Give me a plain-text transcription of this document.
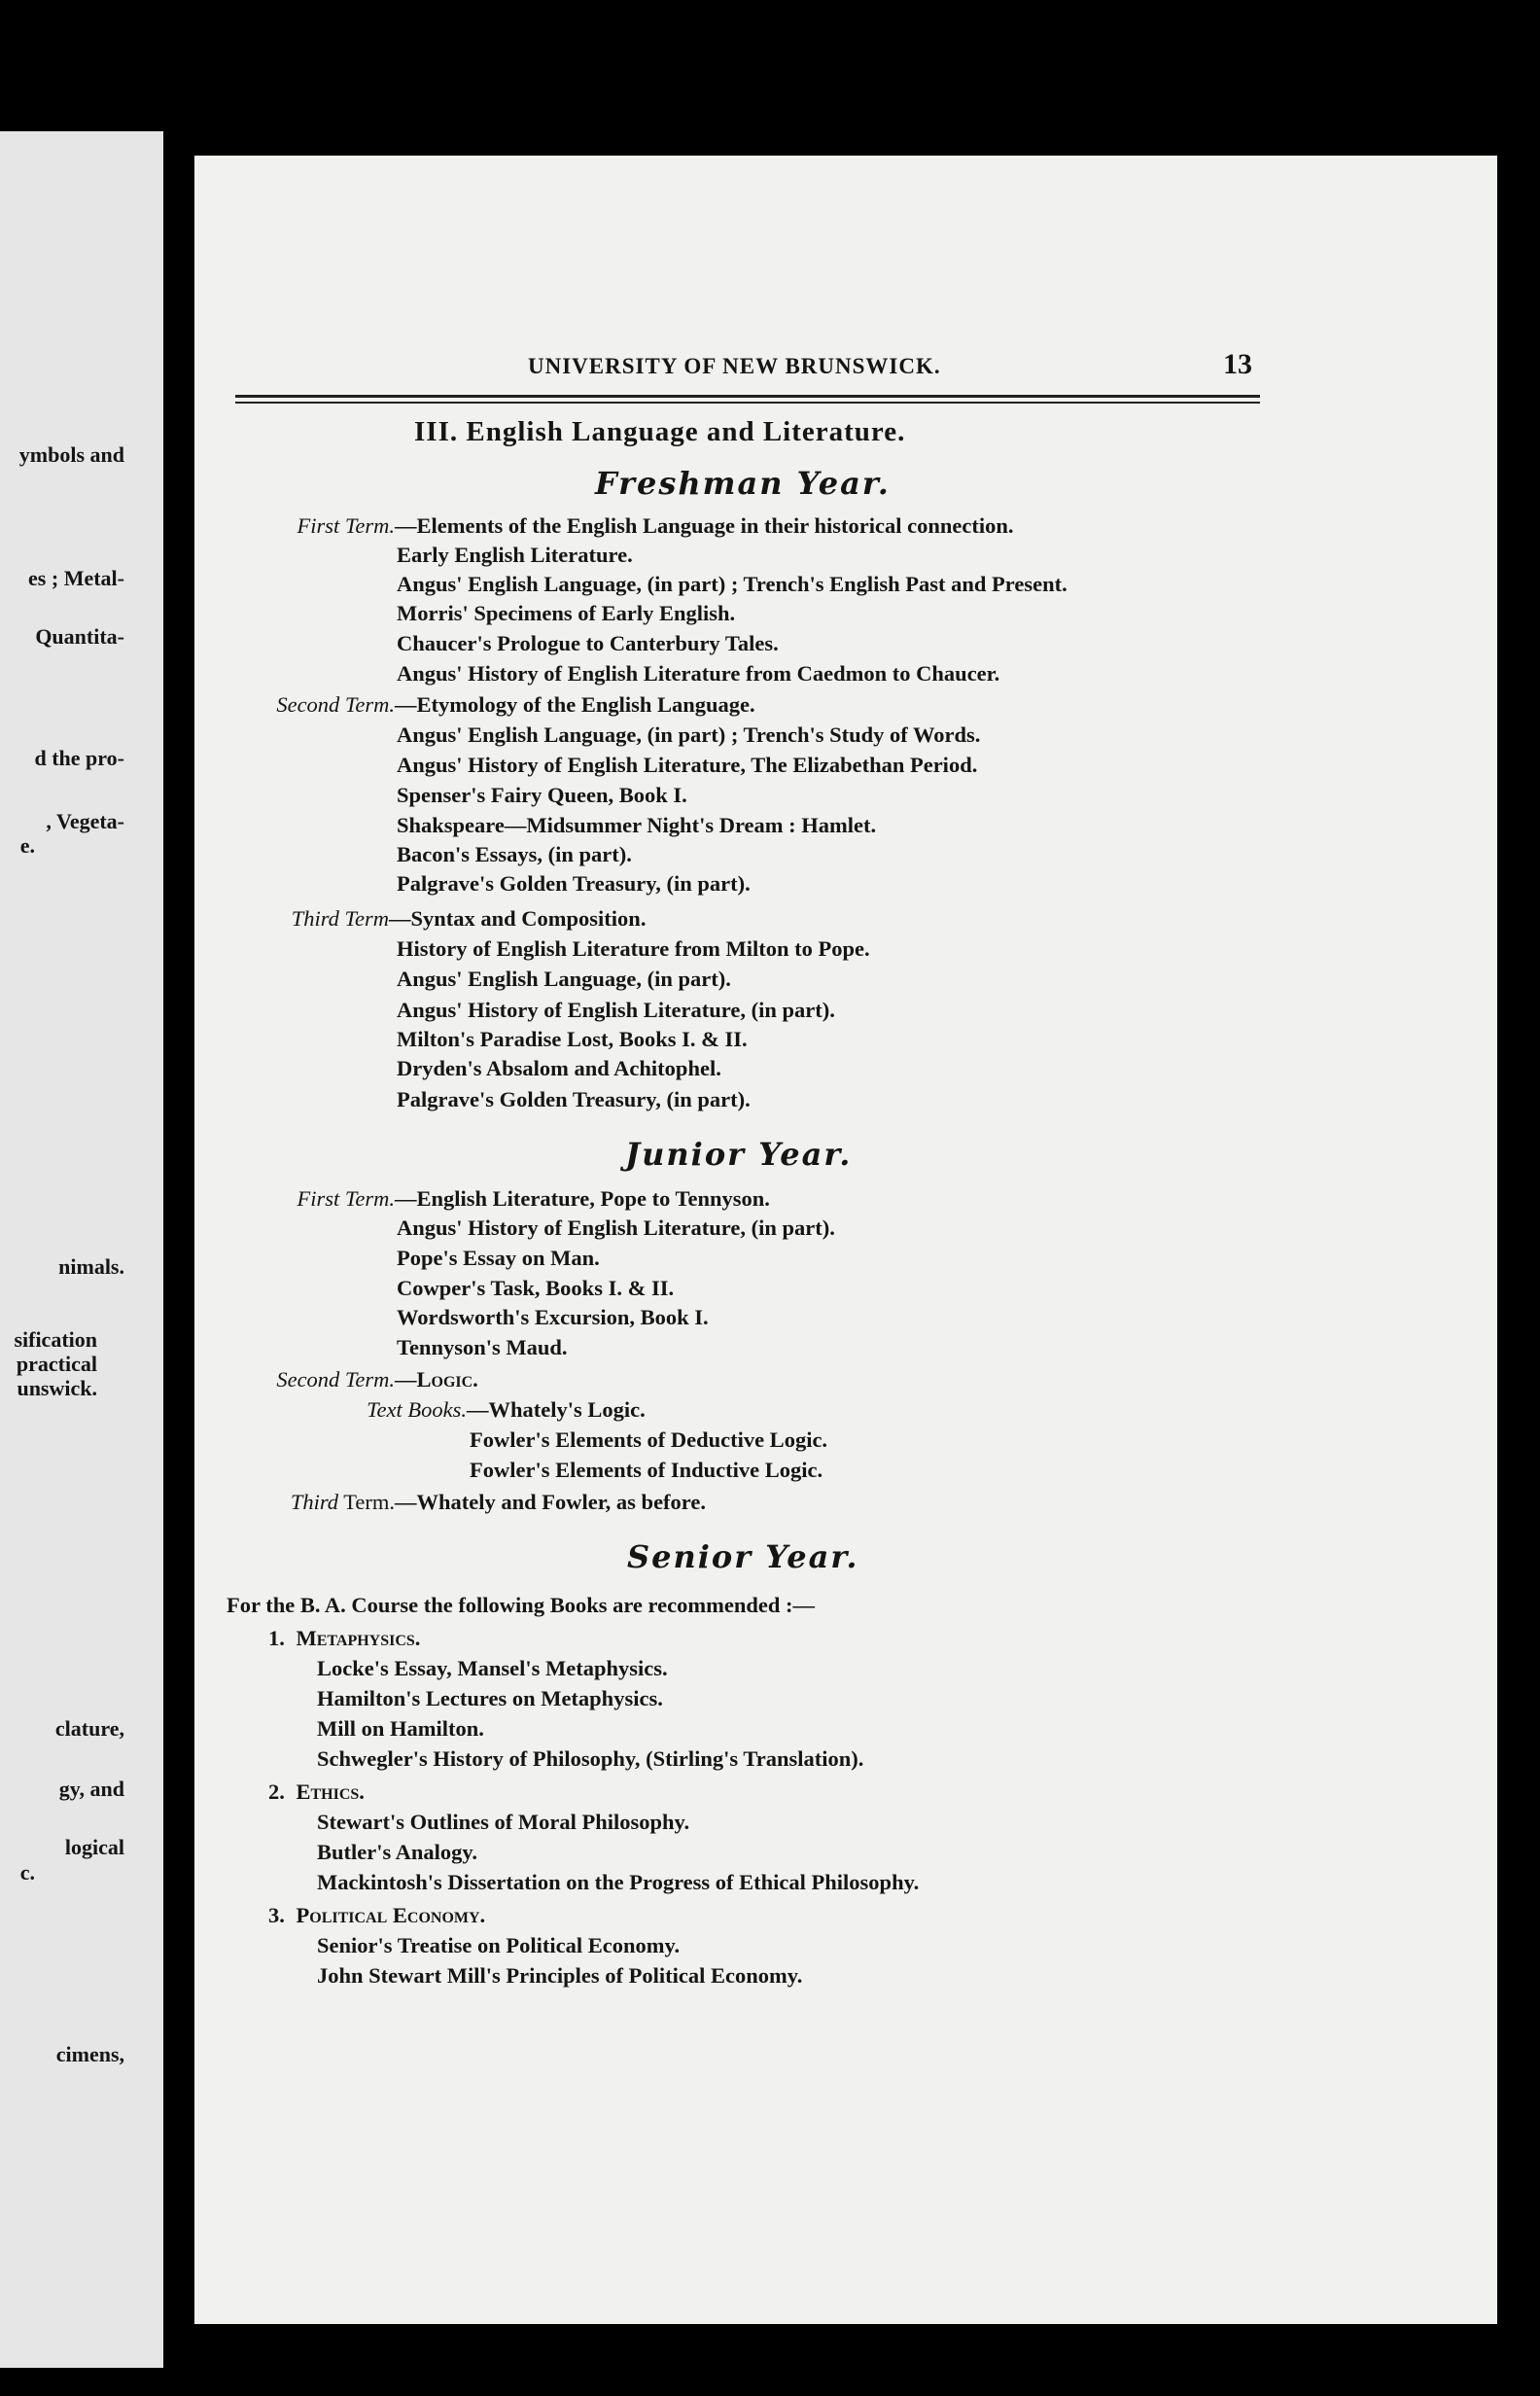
ymbols and
es ; Metal-
Quantita-
d the pro-
, Vegeta-
e.
nimals.
sification
practical
unswick.
clature,
gy, and
logical
c.
cimens,
UNIVERSITY OF NEW BRUNSWICK.	13
III. English Language and Literature.
Freshman Year.
First Term. —Elements of the English Language in their historical connection.
Early English Literature.
Angus' English Language, (in part) ; Trench's English Past and Present.
Morris' Specimens of Early English.
Chaucer's Prologue to Canterbury Tales.
Angus' History of English Literature from Caedmon to Chaucer.
Second Term. —Etymology of the English Language.
Angus' English Language, (in part) ; Trench's Study of Words.
Angus' History of English Literature, The Elizabethan Period.
Spenser's Fairy Queen, Book I.
Shakspeare—Midsummer Night's Dream : Hamlet.
Bacon's Essays, (in part).
Palgrave's Golden Treasury, (in part).
Third Term —Syntax and Composition.
History of English Literature from Milton to Pope.
Angus' English Language, (in part).
Angus' History of English Literature, (in part).
Milton's Paradise Lost, Books I. & II.
Dryden's Absalom and Achitophel.
Palgrave's Golden Treasury, (in part).
Junior Year.
First Term. —English Literature, Pope to Tennyson.
Angus' History of English Literature, (in part).
Pope's Essay on Man.
Cowper's Task, Books I. & II.
Wordsworth's Excursion, Book I.
Tennyson's Maud.
Second Term. —Logic.
Text Books. —Whately's Logic.
Fowler's Elements of Deductive Logic.
Fowler's Elements of Inductive Logic.
Third Term. —Whately and Fowler, as before.
Senior Year.
For the B. A. Course the following Books are recommended :—
1. Metaphysics.
Locke's Essay, Mansel's Metaphysics.
Hamilton's Lectures on Metaphysics.
Mill on Hamilton.
Schwegler's History of Philosophy, (Stirling's Translation).
2. Ethics.
Stewart's Outlines of Moral Philosophy.
Butler's Analogy.
Mackintosh's Dissertation on the Progress of Ethical Philosophy.
3. Political Economy.
Senior's Treatise on Political Economy.
John Stewart Mill's Principles of Political Economy.
